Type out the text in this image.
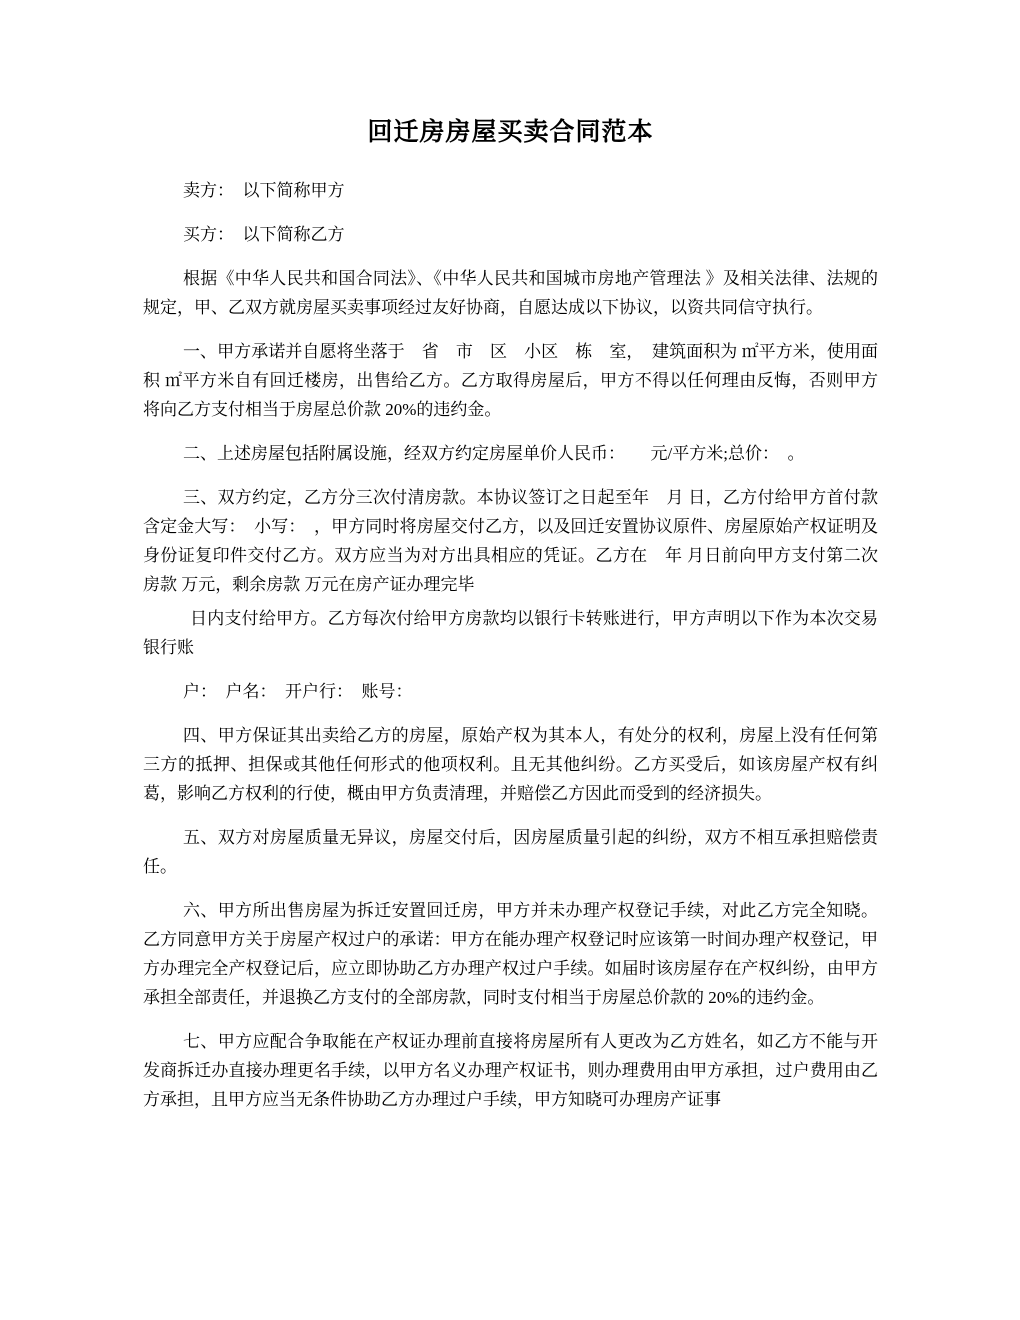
回迁房房屋买卖合同范本

卖方：　以下简称甲方

买方：　以下简称乙方

根据《中华人民共和国合同法》、《中华人民共和国城市房地产管理法 》及相关法律、法规的规定，甲、乙双方就房屋买卖事项经过友好协商，自愿达成以下协议，以资共同信守执行。

一、甲方承诺并自愿将坐落于　省　市　区　小区　栋　室，　建筑面积为 ㎡平方米，使用面积 ㎡平方米自有回迁楼房，出售给乙方。乙方取得房屋后，甲方不得以任何理由反悔，否则甲方将向乙方支付相当于房屋总价款 20%的违约金。

二、上述房屋包括附属设施，经双方约定房屋单价人民币：　　元/平方米;总价：　。

三、双方约定，乙方分三次付清房款。本协议签订之日起至年　月 日，乙方付给甲方首付款含定金大写：　小写：　，甲方同时将房屋交付乙方，以及回迁安置协议原件、房屋原始产权证明及身份证复印件交付乙方。双方应当为对方出具相应的凭证。乙方在　年 月日前向甲方支付第二次房款 万元，剩余房款 万元在房产证办理完毕

日内支付给甲方。乙方每次付给甲方房款均以银行卡转账进行，甲方声明以下作为本次交易银行账

户：　户名：　开户行：　账号：

四、甲方保证其出卖给乙方的房屋，原始产权为其本人，有处分的权利，房屋上没有任何第三方的抵押、担保或其他任何形式的他项权利。且无其他纠纷。乙方买受后，如该房屋产权有纠葛，影响乙方权利的行使，概由甲方负责清理，并赔偿乙方因此而受到的经济损失。

五、双方对房屋质量无异议，房屋交付后，因房屋质量引起的纠纷，双方不相互承担赔偿责任。

六、甲方所出售房屋为拆迁安置回迁房，甲方并未办理产权登记手续，对此乙方完全知晓。乙方同意甲方关于房屋产权过户的承诺：甲方在能办理产权登记时应该第一时间办理产权登记，甲方办理完全产权登记后，应立即协助乙方办理产权过户手续。如届时该房屋存在产权纠纷，由甲方承担全部责任，并退换乙方支付的全部房款，同时支付相当于房屋总价款的 20%的违约金。

七、甲方应配合争取能在产权证办理前直接将房屋所有人更改为乙方姓名，如乙方不能与开发商拆迁办直接办理更名手续，以甲方名义办理产权证书，则办理费用由甲方承担，过户费用由乙方承担，且甲方应当无条件协助乙方办理过户手续，甲方知晓可办理房产证事
